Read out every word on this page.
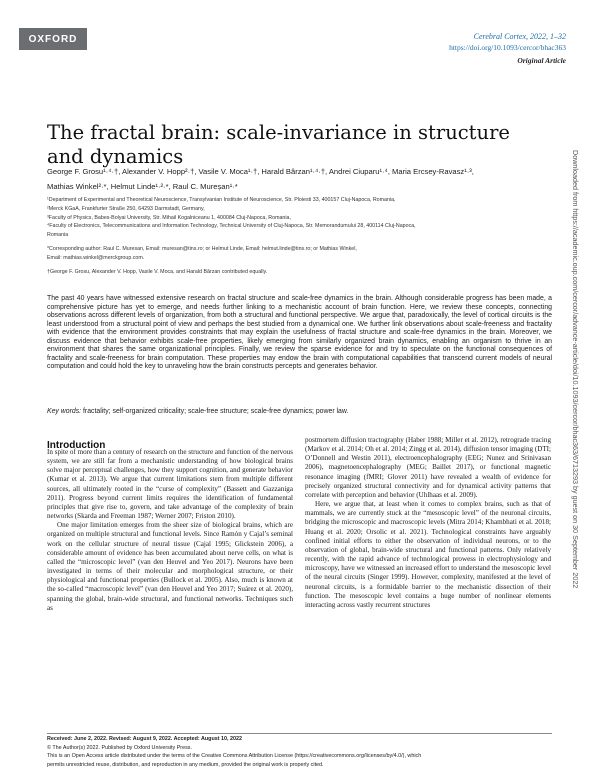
OXFORD	Cerebral Cortex, 2022, 1–32
https://doi.org/10.1093/cercor/bhac363
Original Article
The fractal brain: scale-invariance in structure and dynamics
George F. Grosu¹·⁴·†, Alexander V. Hopp²·†, Vasile V. Moca¹·†, Harald Bârzan¹·⁴·†, Andrei Ciuparu¹·⁴, Maria Ercsey-Ravasz¹·³,
Mathias Winkel²·*, Helmut Linde¹·²·*, Raul C. Mureșan¹·*
¹Department of Experimental and Theoretical Neuroscience, Transylvanian Institute of Neuroscience, Str. Ploiesti 33, 400157 Cluj-Napoca, Romania,
²Merck KGaA, Frankfurter Straße 250, 64293 Darmstadt, Germany,
³Faculty of Physics, Babes-Bolyai University, Str. Mihail Kogalniceanu 1, 400084 Cluj-Napoca, Romania,
⁴Faculty of Electronics, Telecommunications and Information Technology, Technical University of Cluj-Napoca, Str. Memorandumului 28, 400114 Cluj-Napoca,
Romania
*Corresponding author: Raul C. Muresan, Email: muresan@tins.ro; or Helmut Linde, Email: helmut.linde@tins.ro; or Mathias Winkel,
Email: mathias.winkel@merckgroup.com.
†George F. Grosu, Alexander V. Hopp, Vasile V. Moca, and Harald Bârzan contributed equally.
The past 40 years have witnessed extensive research on fractal structure and scale-free dynamics in the brain. Although considerable progress has been made, a comprehensive picture has yet to emerge, and needs further linking to a mechanistic account of brain function. Here, we review these concepts, connecting observations across different levels of organization, from both a structural and functional perspective. We argue that, paradoxically, the level of cortical circuits is the least understood from a structural point of view and perhaps the best studied from a dynamical one. We further link observations about scale-freeness and fractality with evidence that the environment provides constraints that may explain the usefulness of fractal structure and scale-free dynamics in the brain. Moreover, we discuss evidence that behavior exhibits scale-free properties, likely emerging from similarly organized brain dynamics, enabling an organism to thrive in an environment that shares the same organizational principles. Finally, we review the sparse evidence for and try to speculate on the functional consequences of fractality and scale-freeness for brain computation. These properties may endow the brain with computational capabilities that transcend current models of neural computation and could hold the key to unraveling how the brain constructs percepts and generates behavior.
Key words: fractality; self-organized criticality; scale-free structure; scale-free dynamics; power law.
Introduction

In spite of more than a century of research on the structure and function of the nervous system, we are still far from a mechanistic understanding of how biological brains solve major perceptual challenges, how they support cognition, and generate behavior (Kumar et al. 2013). We argue that current limitations stem from multiple different sources, all ultimately rooted in the “curse of complexity” (Bassett and Gazzaniga 2011). Progress beyond current limits requires the identification of fundamental principles that give rise to, govern, and take advantage of the complexity of brain networks (Skarda and Freeman 1987; Werner 2007; Friston 2010).

One major limitation emerges from the sheer size of biological brains, which are organized on multiple structural and functional levels. Since Ramón y Cajal’s seminal work on the cellular structure of neural tissue (Cajal 1995; Glickstein 2006), a considerable amount of evidence has been accumulated about nerve cells, on what is called the “microscopic level” (van den Heuvel and Yeo 2017). Neurons have been investigated in terms of their molecular and morphological structure, or their physiological and functional properties (Bullock et al. 2005). Also, much is known at the so-called “macroscopic level” (van den Heuvel and Yeo 2017; Suárez et al. 2020), spanning the global, brain-wide structural, and functional networks. Techniques such as

postmortem diffusion tractography (Haber 1988; Miller et al. 2012), retrograde tracing (Markov et al. 2014; Oh et al. 2014; Zingg et al. 2014), diffusion tensor imaging (DTI; O’Donnell and Westin 2011), electroencephalography (EEG; Nunez and Srinivasan 2006), magnetoencephalography (MEG; Baillet 2017), or functional magnetic resonance imaging (fMRI; Glover 2011) have revealed a wealth of evidence for precisely organized structural connectivity and for dynamical activity patterns that correlate with perception and behavior (Uhlhaas et al. 2009).

Here, we argue that, at least when it comes to complex brains, such as that of mammals, we are currently stuck at the “mesoscopic level” of the neuronal circuits, bridging the microscopic and macroscopic levels (Mitra 2014; Khambhati et al. 2018; Huang et al. 2020; Orsolic et al. 2021). Technological constraints have arguably confined initial efforts to either the observation of individual neurons, or to the observation of global, brain-wide structural and functional patterns. Only relatively recently, with the rapid advance of technological prowess in electrophysiology and microscopy, have we witnessed an increased effort to understand the mesoscopic level of the neural circuits (Singer 1999). However, complexity, manifested at the level of neuronal circuits, is a formidable barrier to the mechanistic dissection of their function. The mesoscopic level contains a huge number of nonlinear elements interacting across vastly recurrent structures

Received: June 2, 2022. Revised: August 9, 2022. Accepted: August 10, 2022
© The Author(s) 2022. Published by Oxford University Press.
This is an Open Access article distributed under the terms of the Creative Commons Attribution License (https://creativecommons.org/licenses/by/4.0/), which
permits unrestricted reuse, distribution, and reproduction in any medium, provided the original work is properly cited.
Downloaded from https://academic.oup.com/cercor/advance-article/doi/10.1093/cercor/bhac363/6713293 by guest on 30 September 2022
